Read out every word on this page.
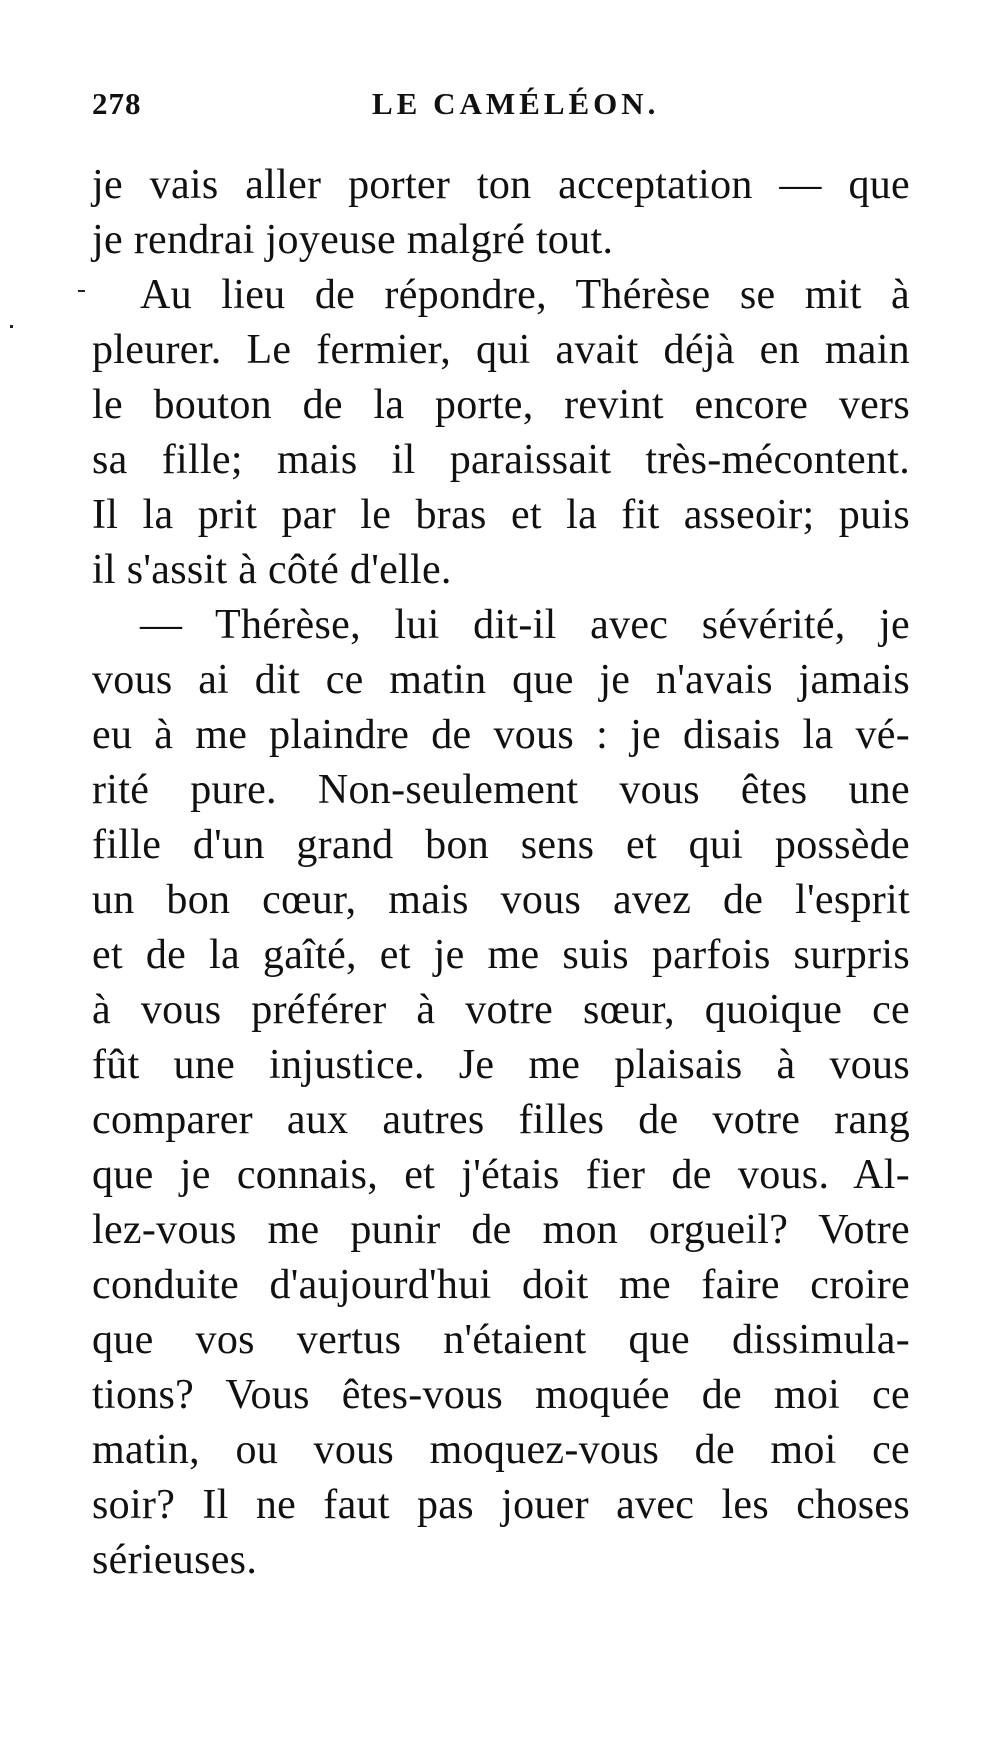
278	LE CAMÉLÉON.
je vais aller porter ton acceptation — que
je rendrai joyeuse malgré tout.
Au lieu de répondre, Thérèse se mit à
pleurer. Le fermier, qui avait déjà en main
le bouton de la porte, revint encore vers
sa fille; mais il paraissait très-mécontent.
Il la prit par le bras et la fit asseoir; puis
il s'assit à côté d'elle.
— Thérèse, lui dit-il avec sévérité, je
vous ai dit ce matin que je n'avais jamais
eu à me plaindre de vous : je disais la vé-
rité pure. Non-seulement vous êtes une
fille d'un grand bon sens et qui possède
un bon cœur, mais vous avez de l'esprit
et de la gaîté, et je me suis parfois surpris
à vous préférer à votre sœur, quoique ce
fût une injustice. Je me plaisais à vous
comparer aux autres filles de votre rang
que je connais, et j'étais fier de vous. Al-
lez-vous me punir de mon orgueil? Votre
conduite d'aujourd'hui doit me faire croire
que vos vertus n'étaient que dissimula-
tions? Vous êtes-vous moquée de moi ce
matin, ou vous moquez-vous de moi ce
soir? Il ne faut pas jouer avec les choses
sérieuses.
